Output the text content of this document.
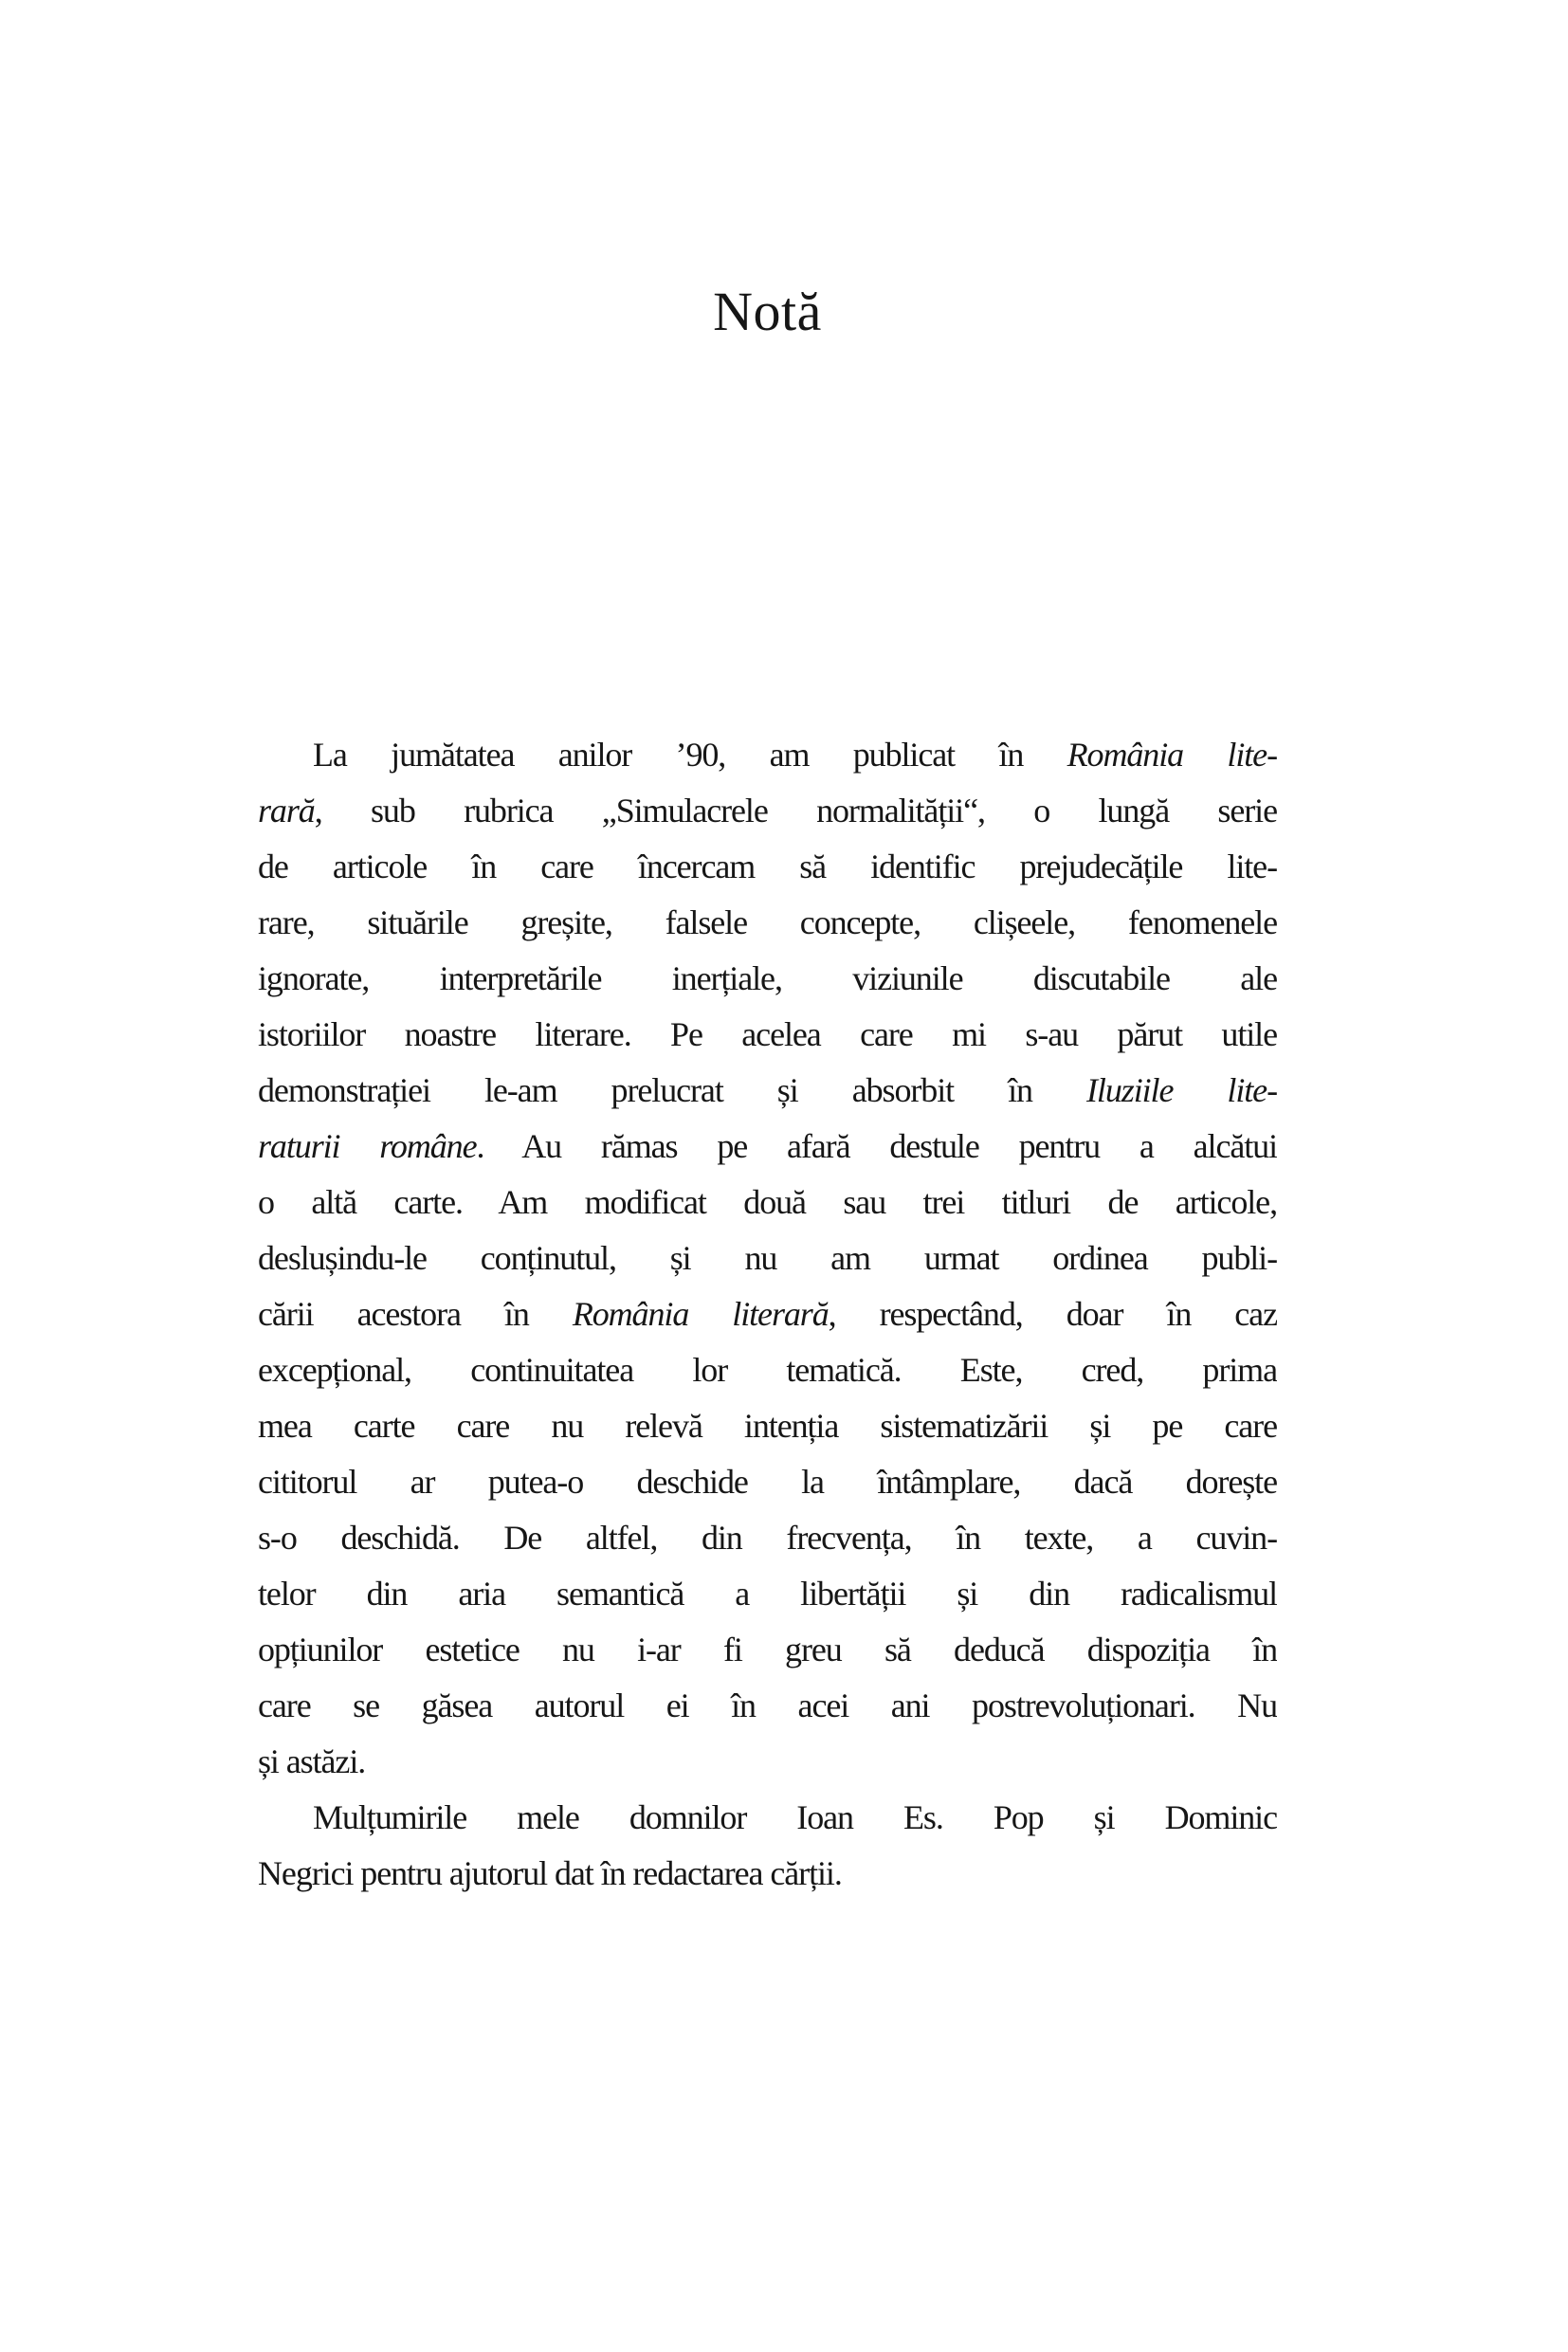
Notă
La jumătatea anilor ’90, am publicat în România lite-
rară, sub rubrica „Simulacrele normalității“, o lungă serie
de articole în care încercam să identific prejudecățile lite-
rare, situările greșite, falsele concepte, clișeele, fenomenele
ignorate, interpretările inerțiale, viziunile discutabile ale
istoriilor noastre literare. Pe acelea care mi s-au părut utile
demonstrației le-am prelucrat și absorbit în Iluziile lite-
raturii române. Au rămas pe afară destule pentru a alcătui
o altă carte. Am modificat două sau trei titluri de articole,
deslușindu-le conținutul, și nu am urmat ordinea publi-
cării acestora în România literară, respectând, doar în caz
excepțional, continuitatea lor tematică. Este, cred, prima
mea carte care nu relevă intenția sistematizării și pe care
cititorul ar putea-o deschide la întâmplare, dacă dorește
s-o deschidă. De altfel, din frecvența, în texte, a cuvin-
telor din aria semantică a libertății și din radicalismul
opțiunilor estetice nu i-ar fi greu să deducă dispoziția în
care se găsea autorul ei în acei ani postrevoluționari. Nu
și astăzi.
Mulțumirile mele domnilor Ioan Es. Pop și Dominic
Negrici pentru ajutorul dat în redactarea cărții.
